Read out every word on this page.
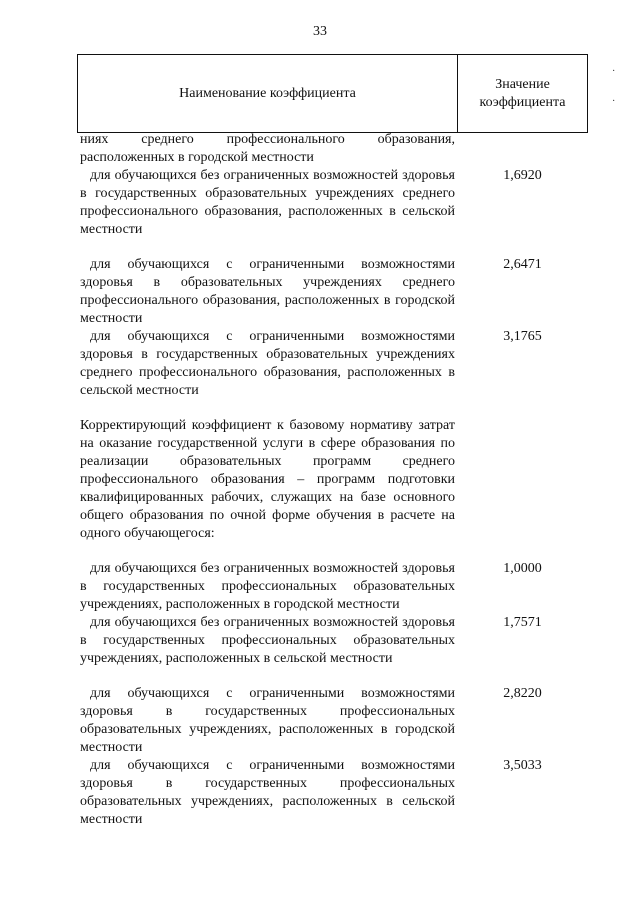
33
Наименование коэффициента
Значение
коэффициента
ниях среднего профессионального образования, расположенных в городской местности
для обучающихся без ограниченных возможностей здоровья в государственных образовательных учреждениях среднего профессионального образования, расположенных в сельской местности
1,6920
для обучающихся с ограниченными возможностями здоровья в образовательных учреждениях среднего профессионального образования, расположенных в городской местности
2,6471
для обучающихся с ограниченными возможностями здоровья в государственных образовательных учреждениях среднего профессионального образования, расположенных в сельской местности
3,1765
Корректирующий коэффициент к базовому нормативу затрат на оказание государственной услуги в сфере образования по реализации образовательных программ среднего профессионального образования – программ подготовки квалифицированных рабочих, служащих на базе основного общего образования по очной форме обучения в расчете на одного обучающегося:
для обучающихся без ограниченных возможностей здоровья в государственных профессиональных образовательных учреждениях, расположенных в городской местности
1,0000
для обучающихся без ограниченных возможностей здоровья в государственных профессиональных образовательных учреждениях, расположенных в сельской местности
1,7571
для обучающихся с ограниченными возможностями здоровья в государственных профессиональных образовательных учреждениях, расположенных в городской местности
2,8220
для обучающихся с ограниченными возможностями здоровья в государственных профессиональных образовательных учреждениях, расположенных в сельской местности
3,5033
·
·
